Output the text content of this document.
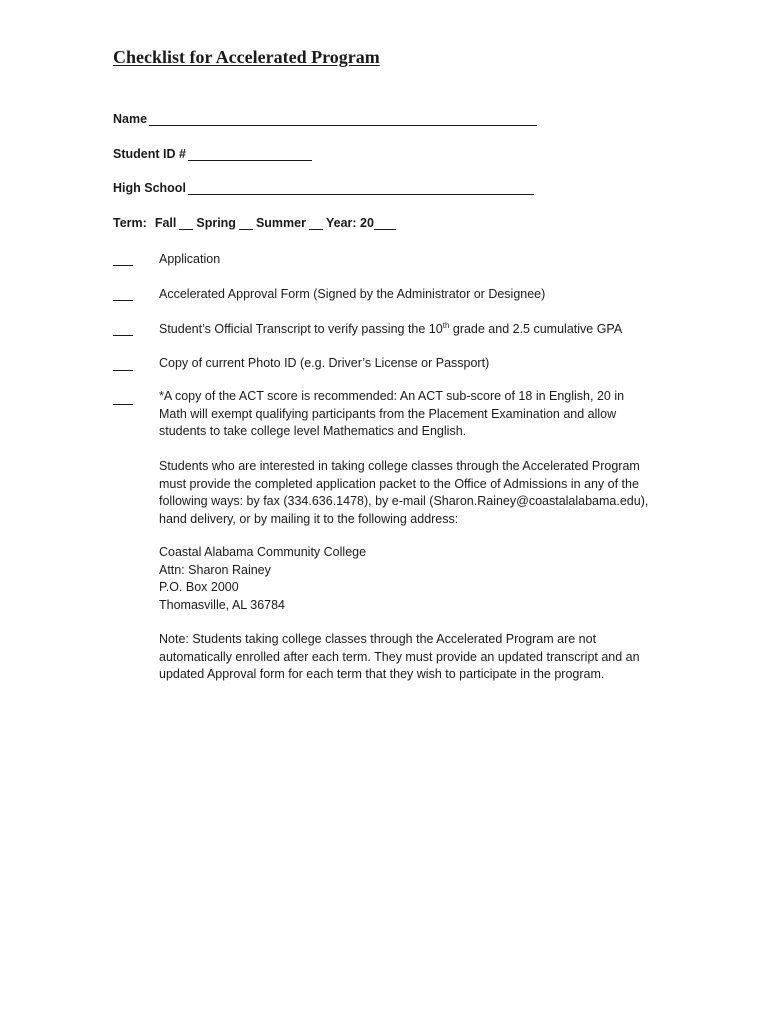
Checklist for Accelerated Program
Name
Student ID #
High School
Term: Fall Spring Summer Year: 20
Application
Accelerated Approval Form (Signed by the Administrator or Designee)
Student’s Official Transcript to verify passing the 10th grade and 2.5 cumulative GPA
Copy of current Photo ID (e.g. Driver’s License or Passport)
*A copy of the ACT score is recommended: An ACT sub-score of 18 in English, 20 in
Math will exempt qualifying participants from the Placement Examination and allow
students to take college level Mathematics and English.
Students who are interested in taking college classes through the Accelerated Program
must provide the completed application packet to the Office of Admissions in any of the
following ways: by fax (334.636.1478), by e-mail (Sharon.Rainey@coastalalabama.edu),
hand delivery, or by mailing it to the following address:
Coastal Alabama Community College
Attn: Sharon Rainey
P.O. Box 2000
Thomasville, AL 36784
Note: Students taking college classes through the Accelerated Program are not
automatically enrolled after each term. They must provide an updated transcript and an
updated Approval form for each term that they wish to participate in the program.
